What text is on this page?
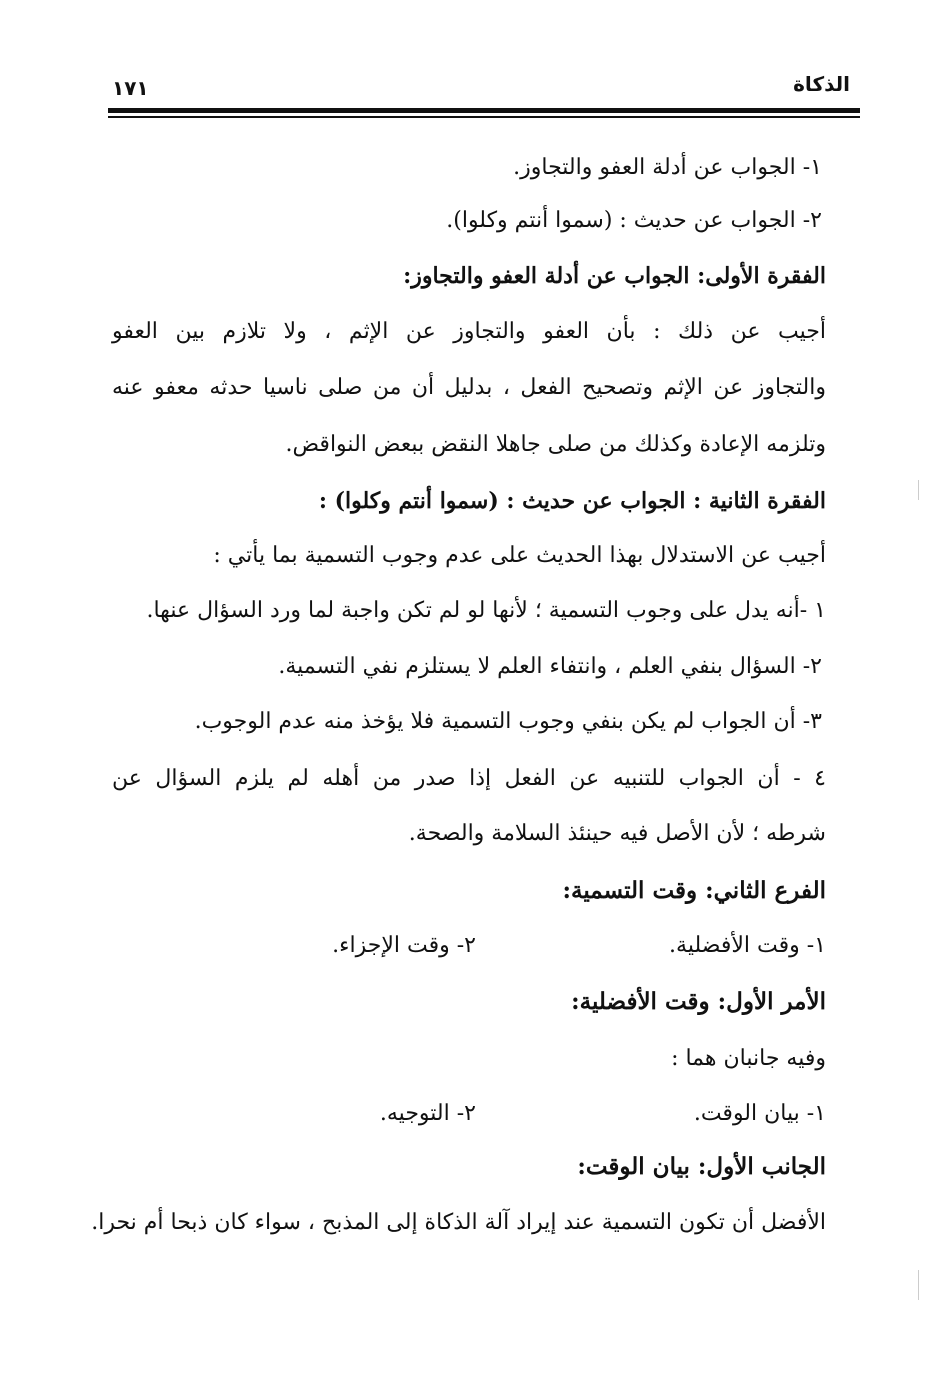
الذكاة
١٧١
١- الجواب عن أدلة العفو والتجاوز.
٢- الجواب عن حديث : (سموا أنتم وكلوا).
الفقرة الأولى: الجواب عن أدلة العفو والتجاوز:
أجيب عن ذلك : بأن العفو والتجاوز عن الإثم ، ولا تلازم بين العفو
والتجاوز عن الإثم وتصحيح الفعل ، بدليل أن من صلى ناسيا حدثه معفو عنه
وتلزمه الإعادة وكذلك من صلى جاهلا النقض ببعض النواقض.
الفقرة الثانية : الجواب عن حديث : (سموا أنتم وكلوا) :
أجيب عن الاستدلال بهذا الحديث على عدم وجوب التسمية بما يأتي :
١ -أنه يدل على وجوب التسمية ؛ لأنها لو لم تكن واجبة لما ورد السؤال عنها.
٢- السؤال بنفي العلم ، وانتفاء العلم لا يستلزم نفي التسمية.
٣- أن الجواب لم يكن بنفي وجوب التسمية فلا يؤخذ منه عدم الوجوب.
٤ - أن الجواب للتنبيه عن الفعل إذا صدر من أهله لم يلزم السؤال عن
شرطه ؛ لأن الأصل فيه حينئذ السلامة والصحة.
الفرع الثاني: وقت التسمية:
١- وقت الأفضلية.
٢- وقت الإجزاء.
الأمر الأول: وقت الأفضلية:
وفيه جانبان هما :
١- بيان الوقت.
٢- التوجيه.
الجانب الأول: بيان الوقت:
الأفضل أن تكون التسمية عند إيراد آلة الذكاة إلى المذبح ، سواء كان ذبحا أم نحرا.
